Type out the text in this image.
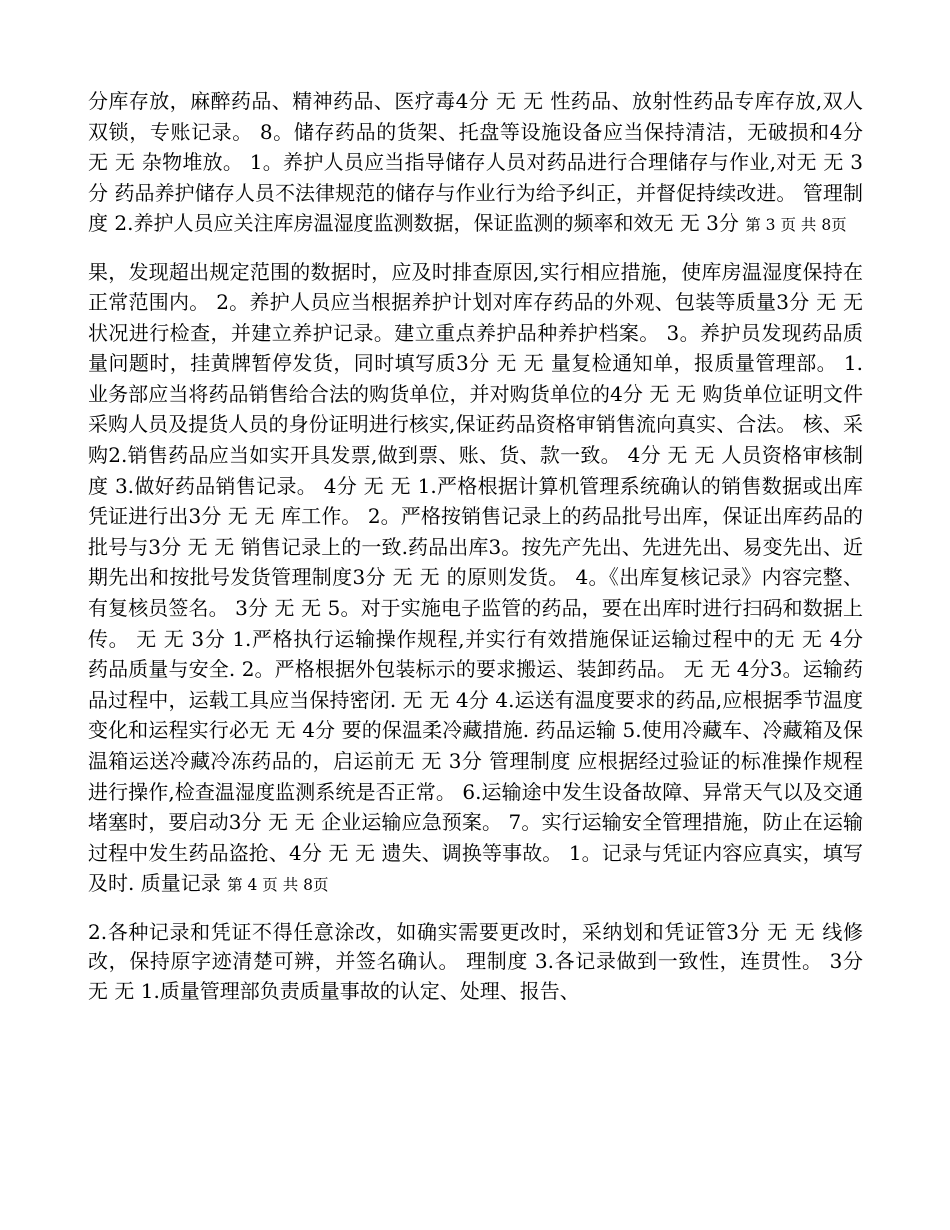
分库存放，麻醉药品、精神药品、医疗毒4分 无 无 性药品、放射性药品专库存放,双人双锁，专账记录。 8。储存药品的货架、托盘等设施设备应当保持清洁，无破损和4分 无 无 杂物堆放。 1。养护人员应当指导储存人员对药品进行合理储存与作业,对无 无 3分 药品养护储存人员不法律规范的储存与作业行为给予纠正，并督促持续改进。 管理制度 2.养护人员应关注库房温湿度监测数据，保证监测的频率和效无 无 3分 第 3 页 共 8页

果，发现超出规定范围的数据时，应及时排查原因,实行相应措施，使库房温湿度保持在正常范围内。 2。养护人员应当根据养护计划对库存药品的外观、包装等质量3分 无 无 状况进行检查，并建立养护记录。建立重点养护品种养护档案。 3。养护员发现药品质量问题时，挂黄牌暂停发货，同时填写质3分 无 无 量复检通知单，报质量管理部。 1.业务部应当将药品销售给合法的购货单位，并对购货单位的4分 无 无 购货单位证明文件采购人员及提货人员的身份证明进行核实,保证药品资格审销售流向真实、合法。 核、采购2.销售药品应当如实开具发票,做到票、账、货、款一致。 4分 无 无 人员资格审核制度 3.做好药品销售记录。 4分 无 无 1.严格根据计算机管理系统确认的销售数据或出库凭证进行出3分 无 无 库工作。 2。严格按销售记录上的药品批号出库，保证出库药品的批号与3分 无 无 销售记录上的一致.药品出库3。按先产先出、先进先出、易变先出、近期先出和按批号发货管理制度3分 无 无 的原则发货。 4。《出库复核记录》内容完整、有复核员签名。 3分 无 无 5。对于实施电子监管的药品，要在出库时进行扫码和数据上传。 无 无 3分 1.严格执行运输操作规程,并实行有效措施保证运输过程中的无 无 4分 药品质量与安全. 2。严格根据外包装标示的要求搬运、装卸药品。 无 无 4分3。运输药品过程中，运载工具应当保持密闭. 无 无 4分 4.运送有温度要求的药品,应根据季节温度变化和运程实行必无 无 4分 要的保温柔冷藏措施. 药品运输 5.使用冷藏车、冷藏箱及保温箱运送冷藏冷冻药品的，启运前无 无 3分 管理制度 应根据经过验证的标准操作规程进行操作,检查温湿度监测系统是否正常。 6.运输途中发生设备故障、异常天气以及交通堵塞时，要启动3分 无 无 企业运输应急预案。 7。实行运输安全管理措施，防止在运输过程中发生药品盗抢、4分 无 无 遗失、调换等事故。 1。记录与凭证内容应真实，填写及时. 质量记录 第 4 页 共 8页

2.各种记录和凭证不得任意涂改，如确实需要更改时，采纳划和凭证管3分 无 无 线修改，保持原字迹清楚可辨，并签名确认。 理制度 3.各记录做到一致性，连贯性。 3分 无 无 1.质量管理部负责质量事故的认定、处理、报告、
